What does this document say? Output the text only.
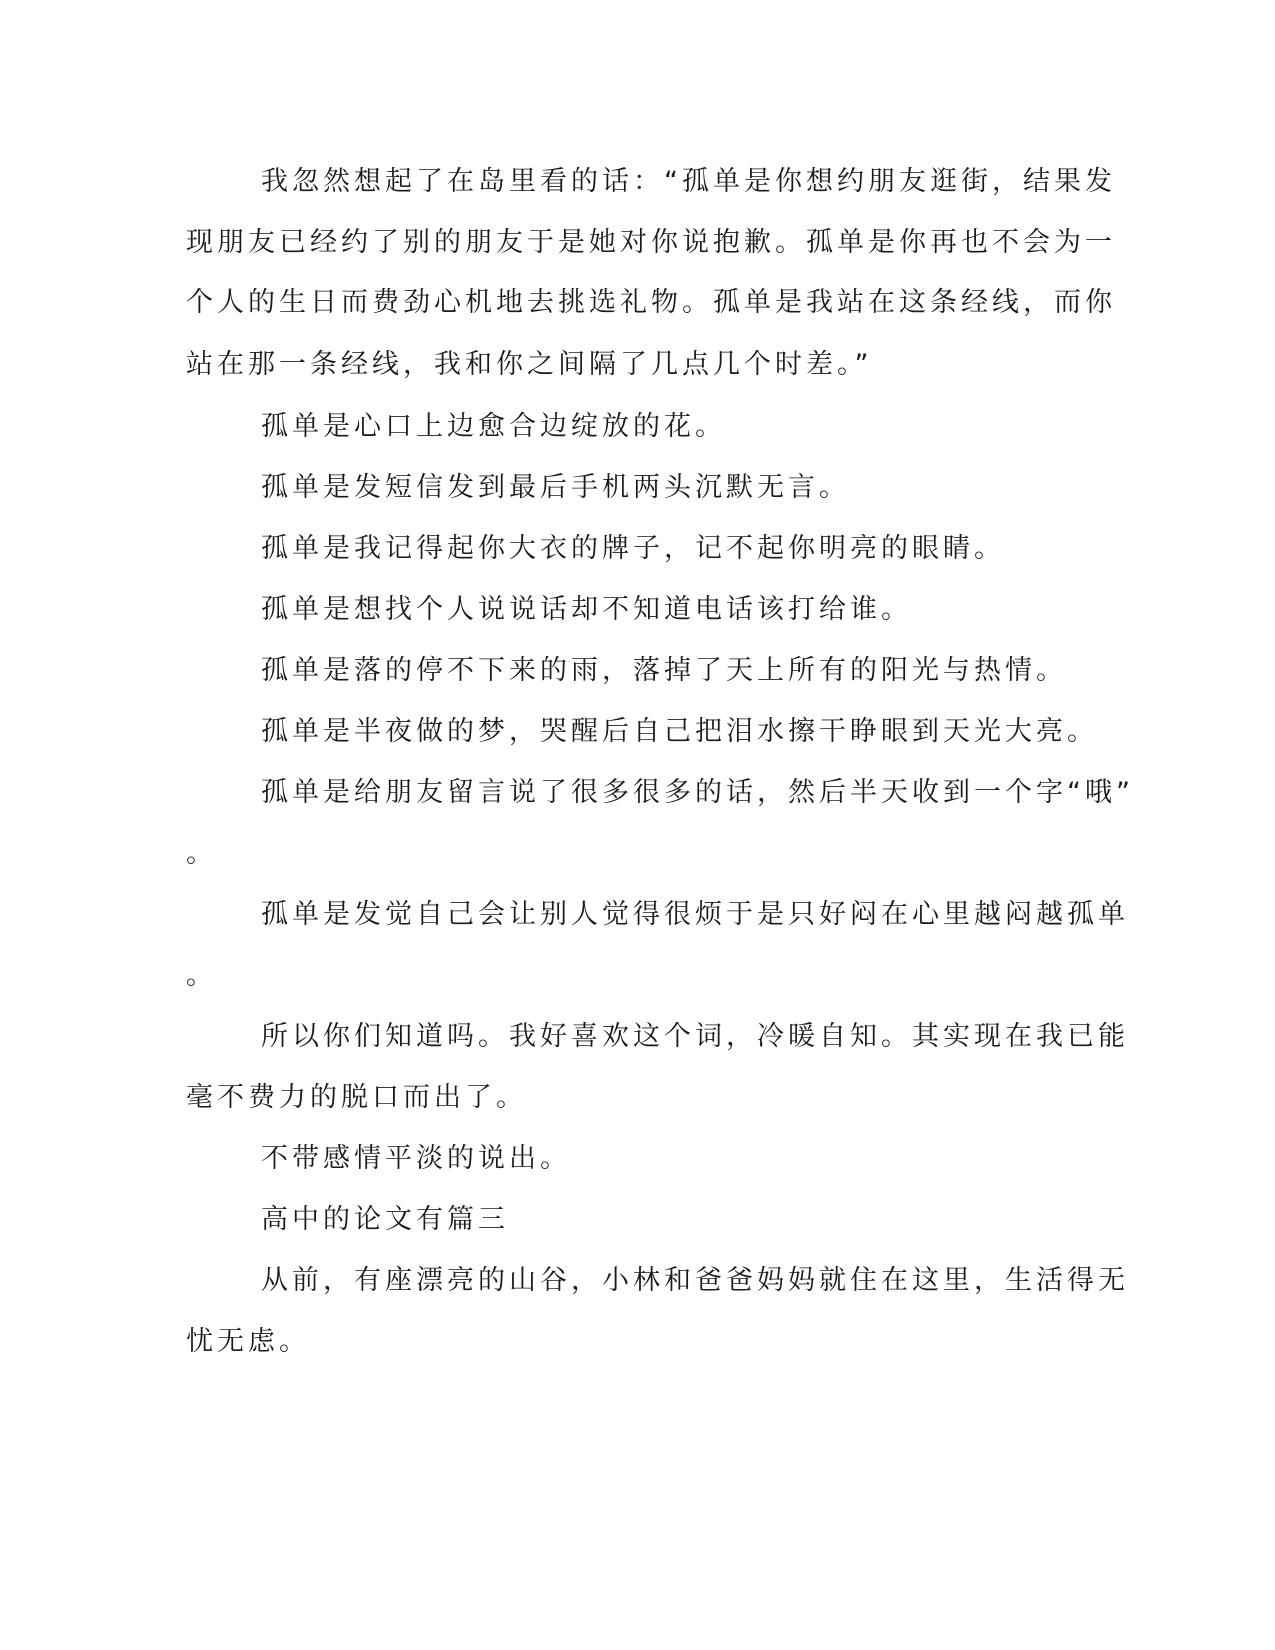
我忽然想起了在岛里看的话：“孤单是你想约朋友逛街，结果发
现朋友已经约了别的朋友于是她对你说抱歉。孤单是你再也不会为一
个人的生日而费劲心机地去挑选礼物。孤单是我站在这条经线，而你
站在那一条经线，我和你之间隔了几点几个时差。”
孤单是心口上边愈合边绽放的花。
孤单是发短信发到最后手机两头沉默无言。
孤单是我记得起你大衣的牌子，记不起你明亮的眼睛。
孤单是想找个人说说话却不知道电话该打给谁。
孤单是落的停不下来的雨，落掉了天上所有的阳光与热情。
孤单是半夜做的梦，哭醒后自己把泪水擦干睁眼到天光大亮。
孤单是给朋友留言说了很多很多的话，然后半天收到一个字“哦”
。
孤单是发觉自己会让别人觉得很烦于是只好闷在心里越闷越孤单
。
所以你们知道吗。我好喜欢这个词，冷暖自知。其实现在我已能
毫不费力的脱口而出了。
不带感情平淡的说出。
高中的论文有篇三
从前，有座漂亮的山谷，小林和爸爸妈妈就住在这里，生活得无
忧无虑。
